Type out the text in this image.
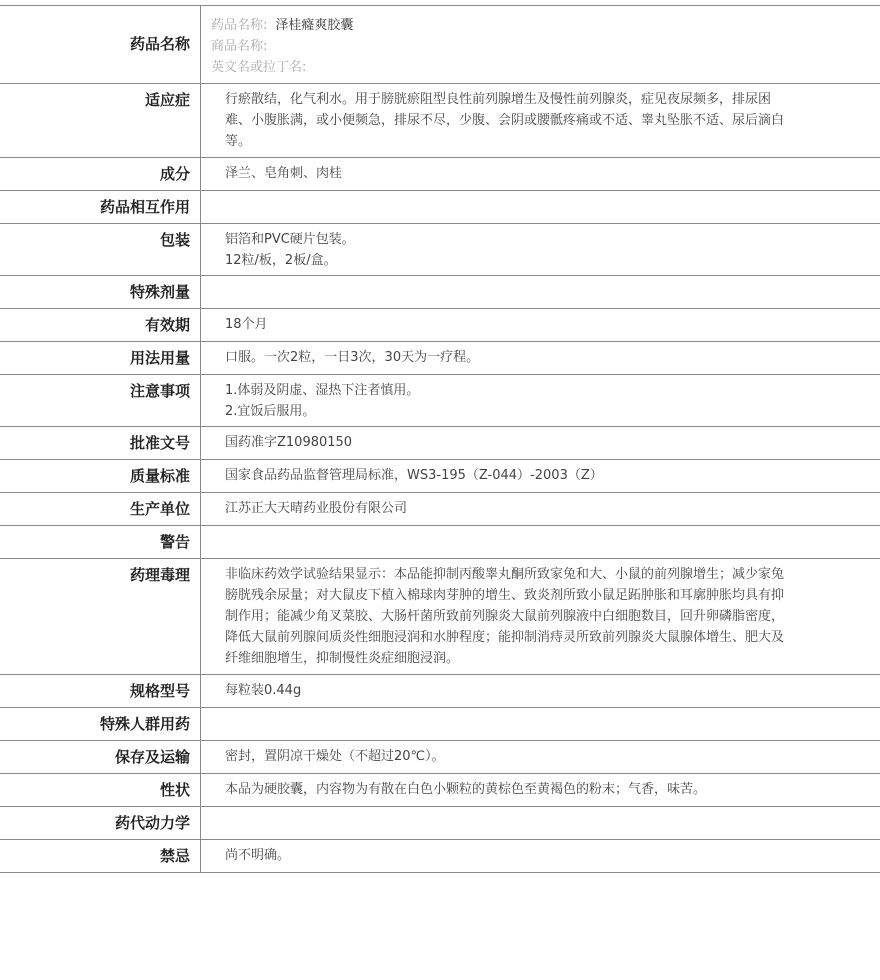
药品名称
药品名称: 泽桂癃爽胶囊
商品名称:
英文名或拉丁名:
适应症	行瘀散结，化气利水。用于膀胱瘀阻型良性前列腺增生及慢性前列腺炎，症见夜尿频多，排尿困难、小腹胀满，或小便频急，排尿不尽，少腹、会阴或腰骶疼痛或不适、睾丸坠胀不适、尿后滴白等。
成分	泽兰、皂角刺、肉桂
药品相互作用
包装	铝箔和PVC硬片包装。

12粒/板，2板/盒。

特殊剂量
有效期	18个月
用法用量	口服。一次2粒，一日3次，30天为一疗程。
注意事项	1.体弱及阴虚、湿热下注者慎用。

2.宜饭后服用。

批准文号	国药准字Z10980150
质量标准	国家食品药品监督管理局标准，WS3-195（Z-044）-2003（Z）
生产单位	江苏正大天晴药业股份有限公司
警告
药理毒理	非临床药效学试验结果显示：本品能抑制丙酸睾丸酮所致家兔和大、小鼠的前列腺增生；减少家兔膀胱残余尿量；对大鼠皮下植入棉球肉芽肿的增生、致炎剂所致小鼠足跖肿胀和耳廓肿胀均具有抑制作用；能减少角叉菜胶、大肠杆菌所致前列腺炎大鼠前列腺液中白细胞数目，回升卵磷脂密度，降低大鼠前列腺间质炎性细胞浸润和水肿程度；能抑制消痔灵所致前列腺炎大鼠腺体增生、肥大及纤维细胞增生，抑制慢性炎症细胞浸润。
规格型号	每粒装0.44g
特殊人群用药
保存及运输	密封，置阴凉干燥处（不超过20℃）。
性状	本品为硬胶囊，内容物为有散在白色小颗粒的黄棕色至黄褐色的粉末；气香，味苦。
药代动力学
禁忌	尚不明确。
